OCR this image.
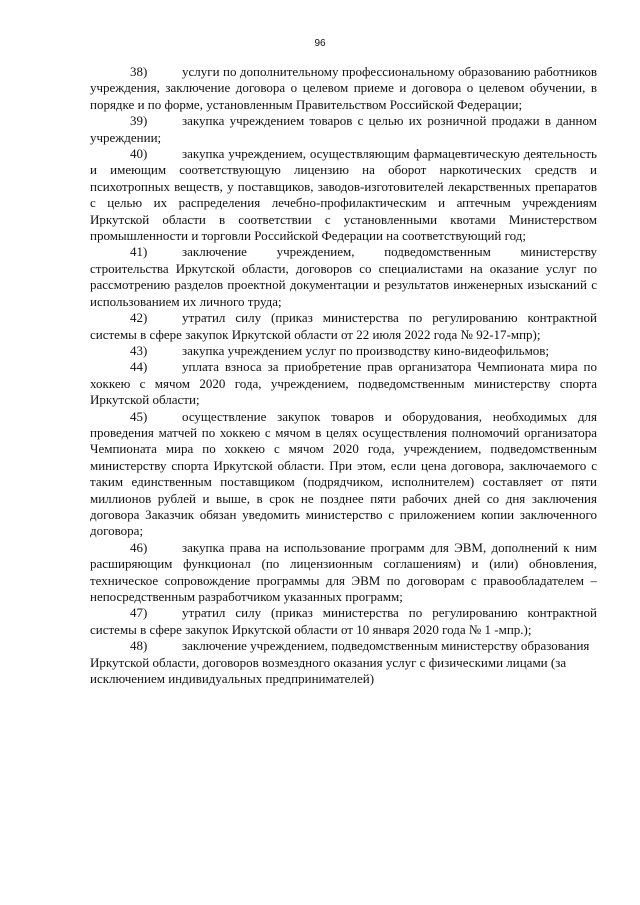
96

38)	услуги по дополнительному профессиональному образованию работников учреждения, заключение договора о целевом приеме и договора о целевом обучении, в порядке и по форме, установленным Правительством Российской Федерации;

39)	закупка учреждением товаров с целью их розничной продажи в данном учреждении;

40)	закупка учреждением, осуществляющим фармацевтическую деятельность и имеющим соответствующую лицензию на оборот наркотических средств и психотропных веществ, у поставщиков, заводов-изготовителей лекарственных препаратов с целью их распределения лечебно-профилактическим и аптечным учреждениям Иркутской области в соответствии с установленными квотами Министерством промышленности и торговли Российской Федерации на соответствующий год;

41)	заключение учреждением, подведомственным министерству строительства Иркутской области, договоров со специалистами на оказание услуг по рассмотрению разделов проектной документации и результатов инженерных изысканий с использованием их личного труда;

42)	утратил силу (приказ министерства по регулированию контрактной системы в сфере закупок Иркутской области от 22 июля 2022 года № 92-17-мпр);

43)	закупка учреждением услуг по производству кино-видеофильмов;

44)	уплата взноса за приобретение прав организатора Чемпионата мира по хоккею с мячом 2020 года, учреждением, подведомственным министерству спорта Иркутской области;

45)	осуществление закупок товаров и оборудования, необходимых для проведения матчей по хоккею с мячом в целях осуществления полномочий организатора Чемпионата мира по хоккею с мячом 2020 года, учреждением, подведомственным министерству спорта Иркутской области. При этом, если цена договора, заключаемого с таким единственным поставщиком (подрядчиком, исполнителем) составляет от пяти миллионов рублей и выше, в срок не позднее пяти рабочих дней со дня заключения договора Заказчик обязан уведомить министерство с приложением копии заключенного договора;

46)	закупка права на использование программ для ЭВМ, дополнений к ним расширяющим функционал (по лицензионным соглашениям) и (или) обновления, техническое сопровождение программы для ЭВМ по договорам с правообладателем – непосредственным разработчиком указанных программ;

47)	утратил силу (приказ министерства по регулированию контрактной системы в сфере закупок Иркутской области от 10 января 2020 года № 1 -мпр.);

48)	заключение учреждением, подведомственным министерству образования Иркутской области, договоров возмездного оказания услуг с физическими лицами (за исключением индивидуальных предпринимателей)
